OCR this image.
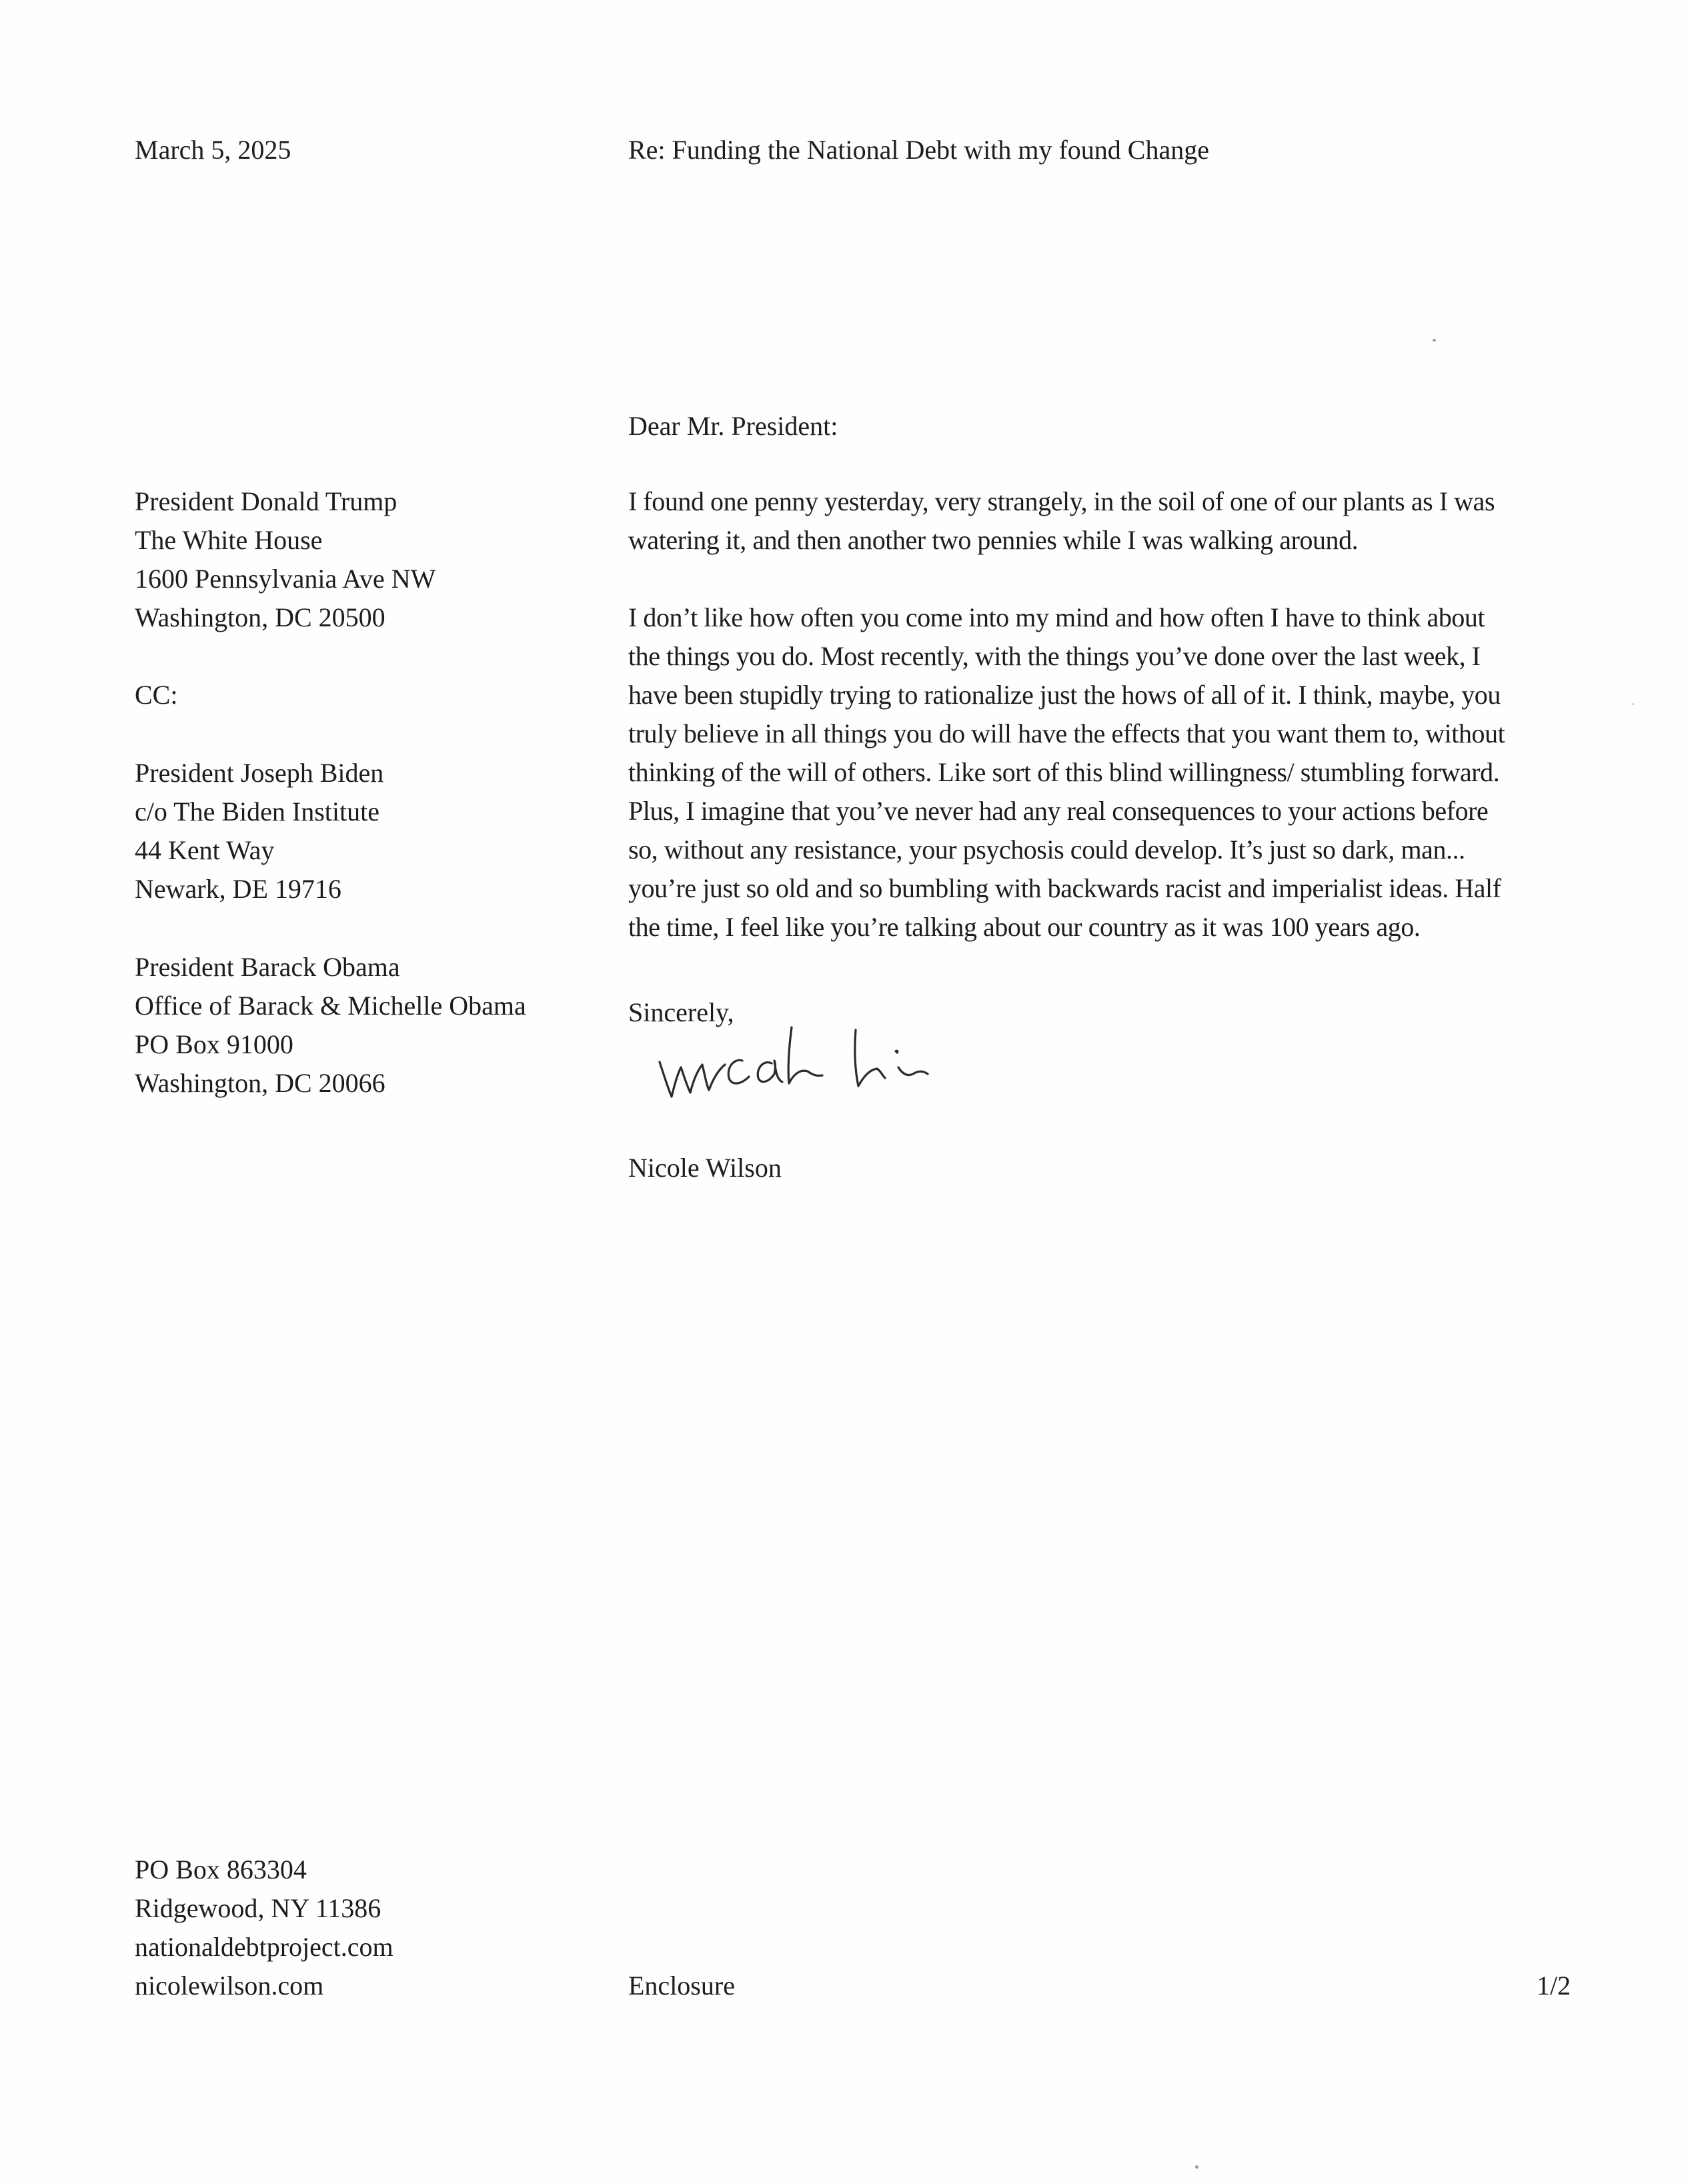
March 5, 2025	Re: Funding the National Debt with my found Change
Dear Mr. President:
President Donald Trump
The White House
1600 Pennsylvania Ave NW
Washington, DC 20500
CC:
President Joseph Biden
c/o The Biden Institute
44 Kent Way
Newark, DE 19716
President Barack Obama
Office of Barack & Michelle Obama
PO Box 91000
Washington, DC 20066
I found one penny yesterday, very strangely, in the soil of one of our plants as I was
watering it, and then another two pennies while I was walking around.
I don’t like how often you come into my mind and how often I have to think about
the things you do. Most recently, with the things you’ve done over the last week, I
have been stupidly trying to rationalize just the hows of all of it. I think, maybe, you
truly believe in all things you do will have the effects that you want them to, without
thinking of the will of others. Like sort of this blind willingness/ stumbling forward.
Plus, I imagine that you’ve never had any real consequences to your actions before
so, without any resistance, your psychosis could develop. It’s just so dark, man...
you’re just so old and so bumbling with backwards racist and imperialist ideas. Half
the time, I feel like you’re talking about our country as it was 100 years ago.
Sincerely,
Nicole Wilson
PO Box 863304
Ridgewood, NY 11386
nationaldebtproject.com
nicolewilson.com	Enclosure	1/2
